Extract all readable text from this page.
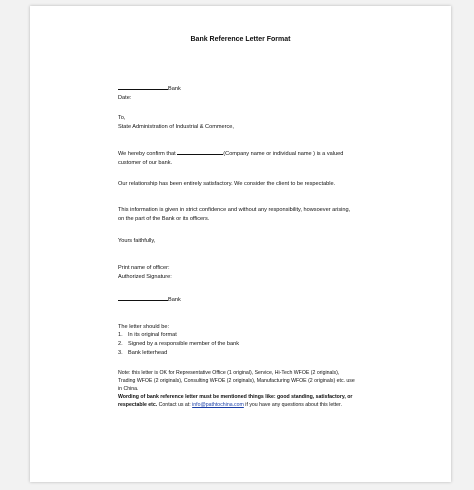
Bank Reference Letter Format

Bank

Date:

To,

State Administration of Industrial & Commerce,

We hereby confirm that	(Company name or individual name ) is a valued

customer of our bank.

Our relationship has been entirely satisfactory. We consider the client to be respectable.

This information is given in strict confidence and without any responsibility, howsoever arising,

on the part of the Bank or its officers.

Yours faithfully,

Print name of officer:

Authorized Signature:

Bank

The letter should be:

1. In its original format
2. Signed by a responsible member of the bank
3. Bank letterhead

Note: this letter is OK for Representative Office (1 original), Service, Hi-Tech WFOE (2 originals),

Trading WFOE (2 originals), Consulting WFOE (2 originals), Manufacturing WFOE (2 originals) etc. use

in China.

Wording of bank reference letter must be mentioned things like: good standing, satisfactory, or

respectable etc. Contact us at: info@pathtochina.com if you have any questions about this letter.
